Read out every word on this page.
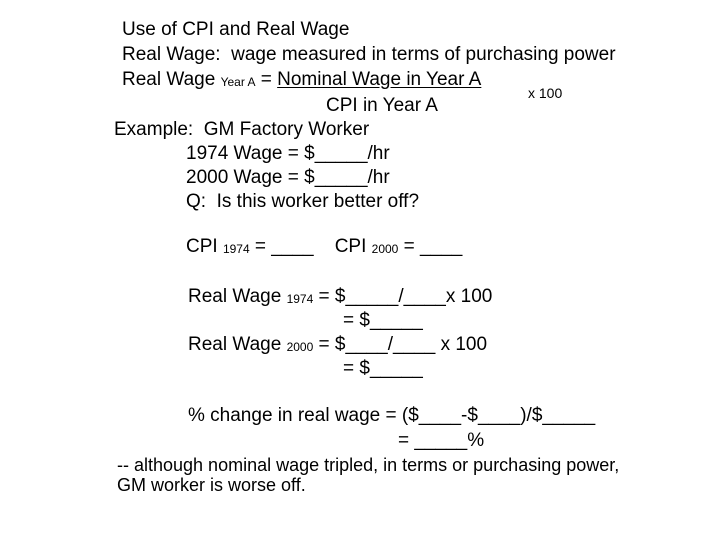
Use of CPI and Real Wage
Real Wage:  wage measured in terms of purchasing power
Real Wage Year A = Nominal Wage in Year A
x 100
CPI in Year A
Example:  GM Factory Worker
1974 Wage = $_____/hr
2000 Wage = $_____/hr
Q:  Is this worker better off?
CPI 1974 = ____ CPI 2000 = ____
Real Wage 1974 = $_____/____x 100
= $_____
Real Wage 2000 = $____/____ x 100
= $_____
% change in real wage = ($____-$____)/$_____
= _____%
-- although nominal wage tripled, in terms or purchasing power,
GM worker is worse off.
